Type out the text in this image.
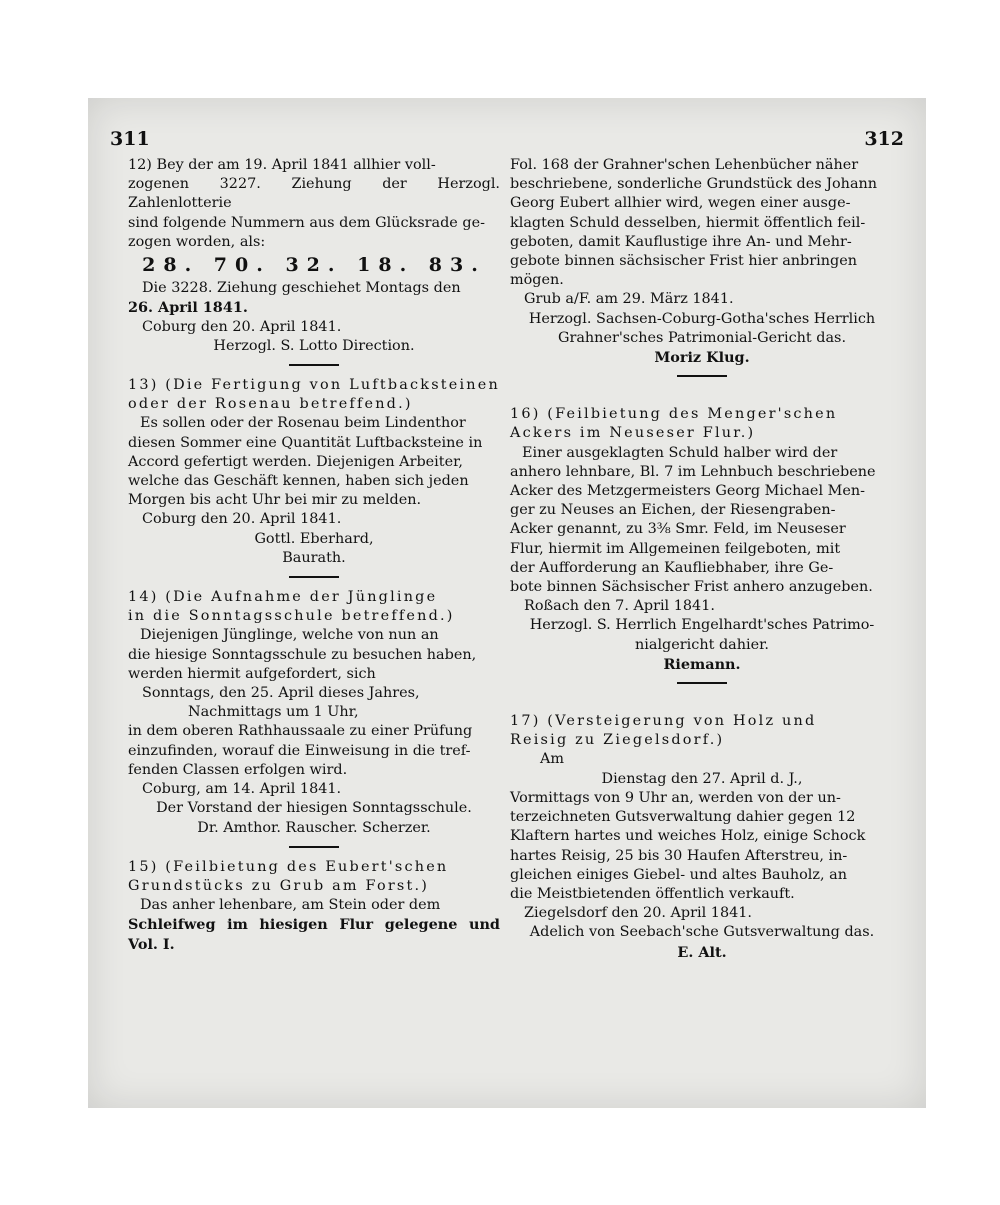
311	312

12) Bey der am 19. April 1841 allhier voll-

zogenen 3227. Ziehung der Herzogl. Zahlenlotterie

sind folgende Nummern aus dem Glücksrade ge-

zogen worden, als:

28. 70. 32. 18. 83.

Die 3228. Ziehung geschiehet Montags den

26. April 1841.

Coburg den 20. April 1841.

Herzogl. S. Lotto Direction.

13) (Die Fertigung von Luftbacksteinen

oder der Rosenau betreffend.)

Es sollen oder der Rosenau beim Lindenthor

diesen Sommer eine Quantität Luftbacksteine in

Accord gefertigt werden. Diejenigen Arbeiter,

welche das Geschäft kennen, haben sich jeden

Morgen bis acht Uhr bei mir zu melden.

Coburg den 20. April 1841.

Gottl. Eberhard,

Baurath.

14) (Die Aufnahme der Jünglinge

in die Sonntagsschule betreffend.)

Diejenigen Jünglinge, welche von nun an

die hiesige Sonntagsschule zu besuchen haben,

werden hiermit aufgefordert, sich

Sonntags, den 25. April dieses Jahres,

Nachmittags um 1 Uhr,

in dem oberen Rathhaussaale zu einer Prüfung

einzufinden, worauf die Einweisung in die tref-

fenden Classen erfolgen wird.

Coburg, am 14. April 1841.

Der Vorstand der hiesigen Sonntagsschule.

Dr. Amthor. Rauscher. Scherzer.

15) (Feilbietung des Eubert'schen

Grundstücks zu Grub am Forst.)

Das anher lehenbare, am Stein oder dem

Schleifweg im hiesigen Flur gelegene und Vol. I.

Fol. 168 der Grahner'schen Lehenbücher näher

beschriebene, sonderliche Grundstück des Johann

Georg Eubert allhier wird, wegen einer ausge-

klagten Schuld desselben, hiermit öffentlich feil-

geboten, damit Kauflustige ihre An- und Mehr-

gebote binnen sächsischer Frist hier anbringen

mögen.

Grub a/F. am 29. März 1841.

Herzogl. Sachsen-Coburg-Gotha'sches Herrlich

Grahner'sches Patrimonial-Gericht das.

Moriz Klug.

16) (Feilbietung des Menger'schen

Ackers im Neuseser Flur.)

Einer ausgeklagten Schuld halber wird der

anhero lehnbare, Bl. 7 im Lehnbuch beschriebene

Acker des Metzgermeisters Georg Michael Men-

ger zu Neuses an Eichen, der Riesengraben-

Acker genannt, zu 3⅜ Smr. Feld, im Neuseser

Flur, hiermit im Allgemeinen feilgeboten, mit

der Aufforderung an Kaufliebhaber, ihre Ge-

bote binnen Sächsischer Frist anhero anzugeben.

Roßach den 7. April 1841.

Herzogl. S. Herrlich Engelhardt'sches Patrimo-

nialgericht dahier.

Riemann.

17) (Versteigerung von Holz und

Reisig zu Ziegelsdorf.)

Am

Dienstag den 27. April d. J.,

Vormittags von 9 Uhr an, werden von der un-

terzeichneten Gutsverwaltung dahier gegen 12

Klaftern hartes und weiches Holz, einige Schock

hartes Reisig, 25 bis 30 Haufen Afterstreu, in-

gleichen einiges Giebel- und altes Bauholz, an

die Meistbietenden öffentlich verkauft.

Ziegelsdorf den 20. April 1841.

Adelich von Seebach'sche Gutsverwaltung das.

E. Alt.
